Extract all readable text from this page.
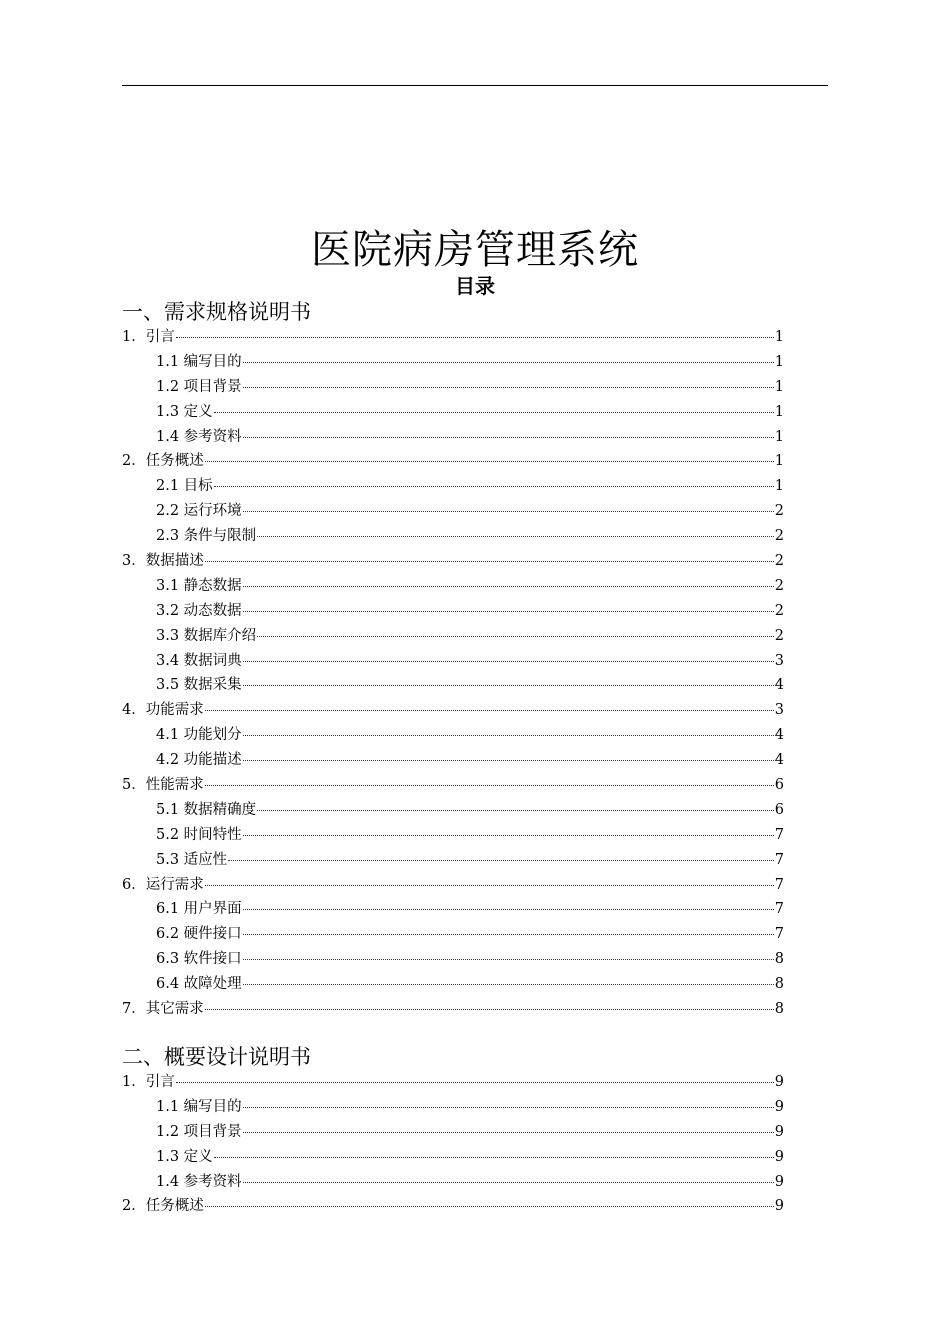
医院病房管理系统
目录
一、需求规格说明书
1．引言	1
1.1 编写目的	1
1.2 项目背景	1
1.3 定义	1
1.4 参考资料	1
2．任务概述	1
2.1 目标	1
2.2 运行环境	2
2.3 条件与限制	2
3．数据描述	2
3.1 静态数据	2
3.2 动态数据	2
3.3 数据库介绍	2
3.4 数据词典	3
3.5 数据采集	4
4．功能需求	3
4.1 功能划分	4
4.2 功能描述	4
5．性能需求	6
5.1 数据精确度	6
5.2 时间特性	7
5.3 适应性	7
6．运行需求	7
6.1 用户界面	7
6.2 硬件接口	7
6.3 软件接口	8
6.4 故障处理	8
7．其它需求	8
二、概要设计说明书
1．引言	9
1.1 编写目的	9
1.2 项目背景	9
1.3 定义	9
1.4 参考资料	9
2．任务概述	9
